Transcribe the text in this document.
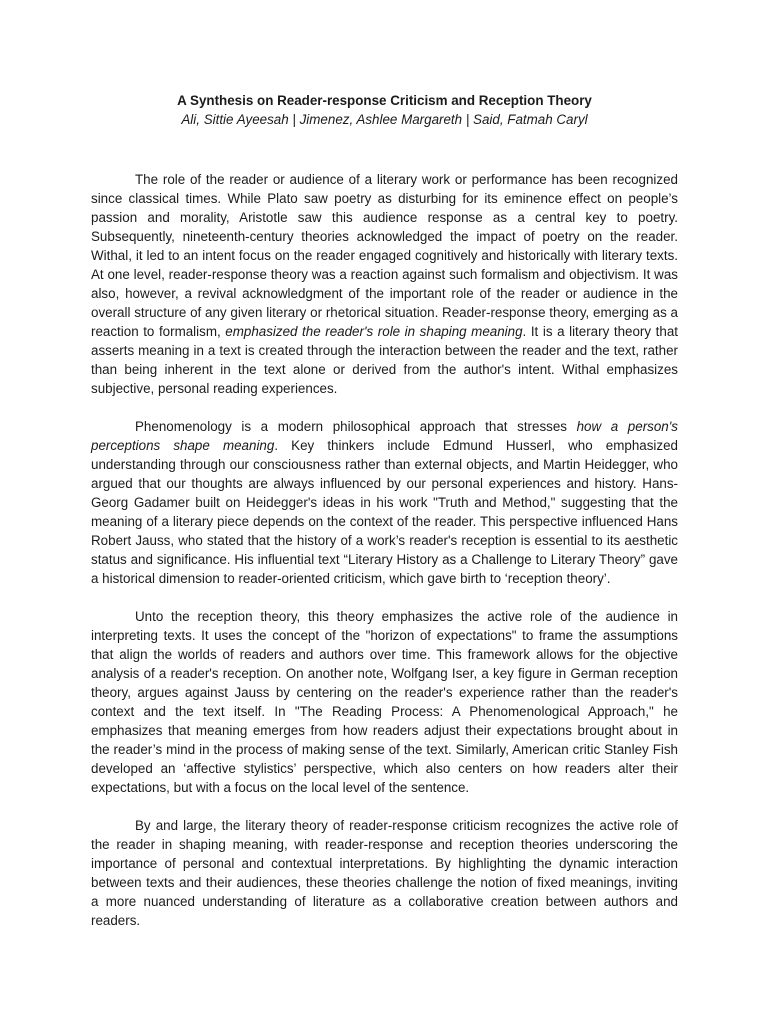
A Synthesis on Reader-response Criticism and Reception Theory

Ali, Sittie Ayeesah | Jimenez, Ashlee Margareth | Said, Fatmah Caryl

The role of the reader or audience of a literary work or performance has been recognized since classical times. While Plato saw poetry as disturbing for its eminence effect on people’s passion and morality, Aristotle saw this audience response as a central key to poetry. Subsequently, nineteenth-century theories acknowledged the impact of poetry on the reader. Withal, it led to an intent focus on the reader engaged cognitively and historically with literary texts. At one level, reader-response theory was a reaction against such formalism and objectivism. It was also, however, a revival acknowledgment of the important role of the reader or audience in the overall structure of any given literary or rhetorical situation. Reader-response theory, emerging as a reaction to formalism, emphasized the reader's role in shaping meaning. It is a literary theory that asserts meaning in a text is created through the interaction between the reader and the text, rather than being inherent in the text alone or derived from the author's intent. Withal emphasizes subjective, personal reading experiences.

Phenomenology is a modern philosophical approach that stresses how a person's perceptions shape meaning. Key thinkers include Edmund Husserl, who emphasized understanding through our consciousness rather than external objects, and Martin Heidegger, who argued that our thoughts are always influenced by our personal experiences and history. Hans-Georg Gadamer built on Heidegger's ideas in his work "Truth and Method," suggesting that the meaning of a literary piece depends on the context of the reader. This perspective influenced Hans Robert Jauss, who stated that the history of a work’s reader's reception is essential to its aesthetic status and significance. His influential text “Literary History as a Challenge to Literary Theory” gave a historical dimension to reader-oriented criticism, which gave birth to ‘reception theory’.

Unto the reception theory, this theory emphasizes the active role of the audience in interpreting texts. It uses the concept of the "horizon of expectations" to frame the assumptions that align the worlds of readers and authors over time. This framework allows for the objective analysis of a reader's reception. On another note, Wolfgang Iser, a key figure in German reception theory, argues against Jauss by centering on the reader's experience rather than the reader's context and the text itself. In "The Reading Process: A Phenomenological Approach," he emphasizes that meaning emerges from how readers adjust their expectations brought about in the reader’s mind in the process of making sense of the text. Similarly, American critic Stanley Fish developed an ‘affective stylistics’ perspective, which also centers on how readers alter their expectations, but with a focus on the local level of the sentence.

By and large, the literary theory of reader-response criticism recognizes the active role of the reader in shaping meaning, with reader-response and reception theories underscoring the importance of personal and contextual interpretations. By highlighting the dynamic interaction between texts and their audiences, these theories challenge the notion of fixed meanings, inviting a more nuanced understanding of literature as a collaborative creation between authors and readers.
